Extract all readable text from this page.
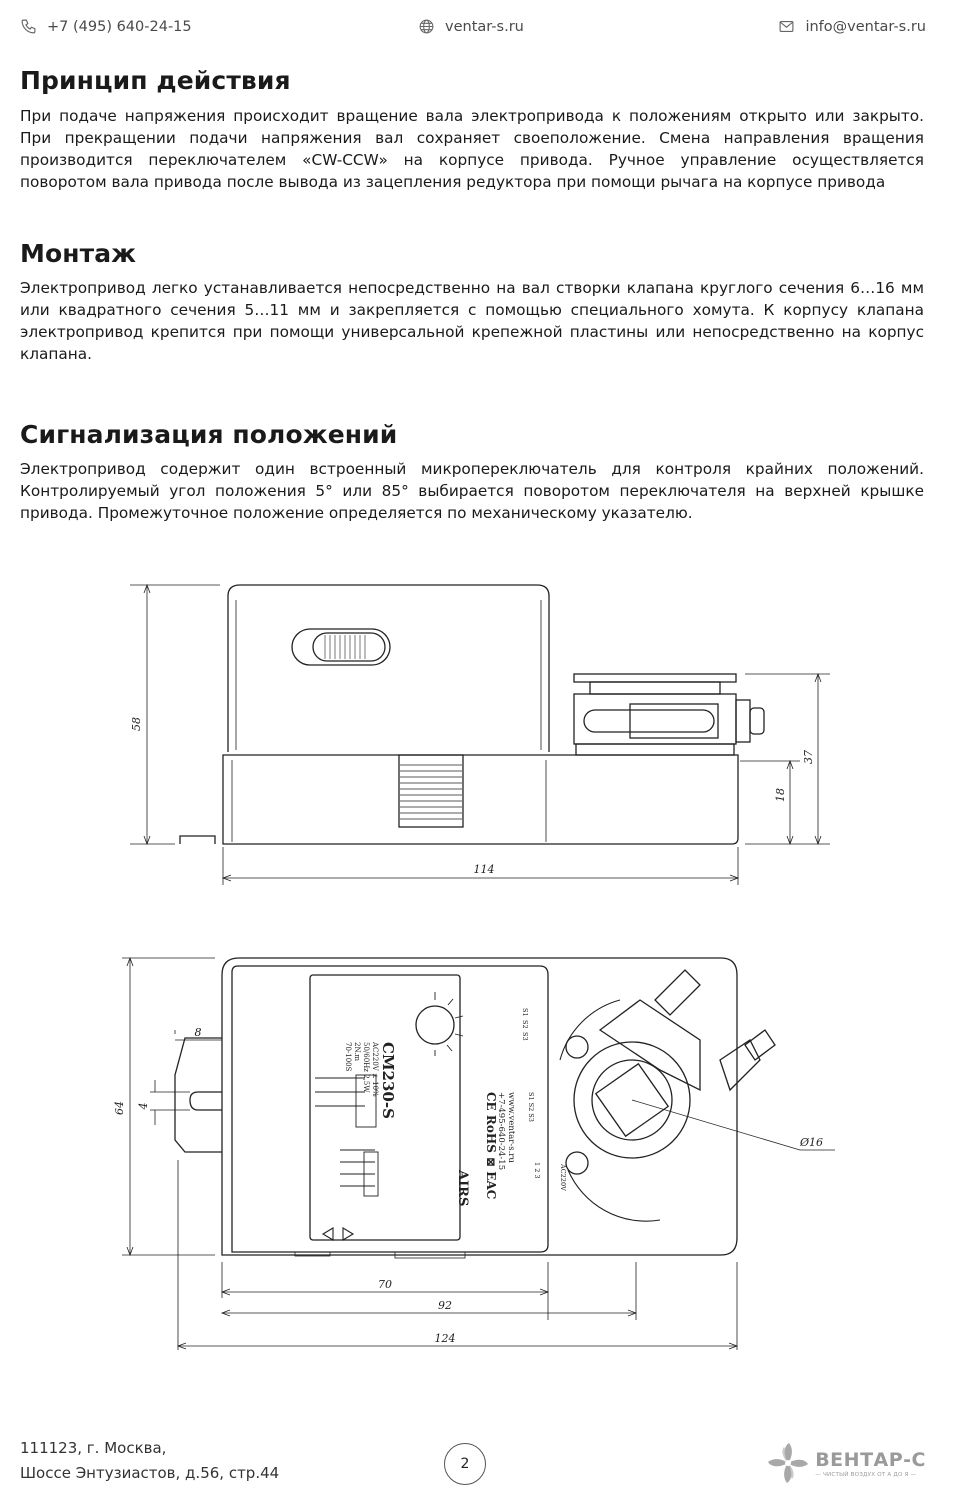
+7 (495) 640-24-15	ventar-s.ru	info@ventar-s.ru
Принцип действия

При подаче напряжения происходит вращение вала электропривода к положениям открыто или закрыто. При прекращении подачи напряжения вал сохраняет своеположение. Смена направления вращения производится переключателем «CW-CCW» на корпусе привода. Ручное управление осуществляется поворотом вала привода после вывода из зацепления редуктора при помощи рычага на корпусе привода

Монтаж

Электропривод легко устанавливается непосредственно на вал створки клапана круглого сечения 6…16 мм или квадратного сечения 5…11 мм и закрепляется с помощью специального хомута. К корпусу клапана электропривод крепится при помощи универсальной крепежной пластины или непосредственно на корпус клапана.

Сигнализация положений

Электропривод содержит один встроенный микропереключатель для контроля крайних положений. Контролируемый угол положения 5° или 85° выбирается поворотом переключателя на верхней крышке привода. Промежуточное положение определяется по механическому указателю.

58
37
18
114
64
8
4
Ø16
70
92
124
S1
S2
S3
CM230-S
AC220V ± 10%
50/60Hz 2,5W
2N.m
70-100S
S1 S2 S3
www.ventar-s.ru
+7-495-640-24-15
CE RoHS ⊠ EAC
AIRS	1 2 3	AC220V
111123, г. Москва,
Шоссе Энтузиастов, д.56, стр.44	2	ВЕНТАР-С
— ЧИСТЫЙ ВОЗДУХ ОТ А ДО Я —
